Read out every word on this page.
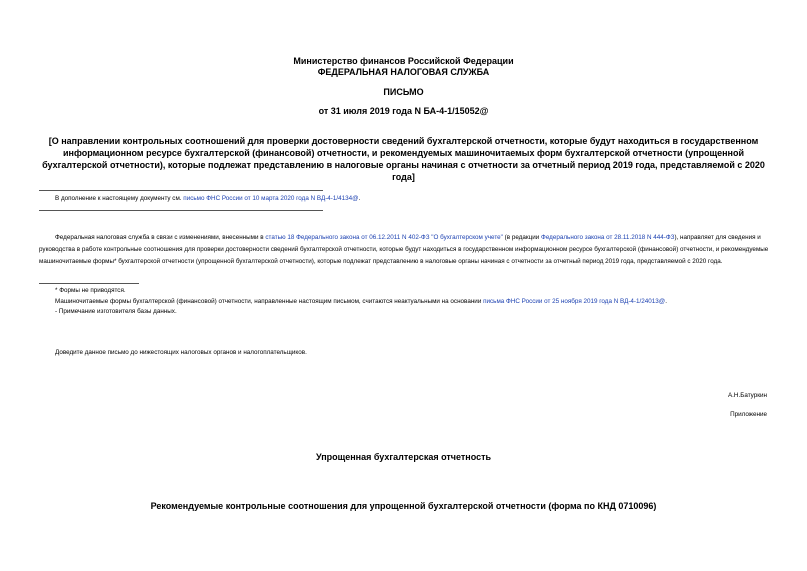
Министерство финансов Российской Федерации
ФЕДЕРАЛЬНАЯ НАЛОГОВАЯ СЛУЖБА
ПИСЬМО
от 31 июля 2019 года N БА-4-1/15052@
[О направлении контрольных соотношений для проверки достоверности сведений бухгалтерской отчетности, которые будут находиться в государственном информационном ресурсе бухгалтерской (финансовой) отчетности, и рекомендуемых машиночитаемых форм бухгалтерской отчетности (упрощенной бухгалтерской отчетности), которые подлежат представлению в налоговые органы начиная с отчетности за отчетный период 2019 года, представляемой с 2020 года]
В дополнение к настоящему документу см. письмо ФНС России от 10 марта 2020 года N ВД-4-1/4134@.
Федеральная налоговая служба в связи с изменениями, внесенными в статью 18 Федерального закона от 06.12.2011 N 402-ФЗ "О бухгалтерском учете" (в редакции Федерального закона от 28.11.2018 N 444-ФЗ), направляет для сведения и руководства в работе контрольные соотношения для проверки достоверности сведений бухгалтерской отчетности, которые будут находиться в государственном информационном ресурсе бухгалтерской (финансовой) отчетности, и рекомендуемые машиночитаемые формы* бухгалтерской отчетности (упрощенной бухгалтерской отчетности), которые подлежат представлению в налоговые органы начиная с отчетности за отчетный период 2019 года, представляемой с 2020 года.
* Формы не приводятся.
Машиночитаемые формы бухгалтерской (финансовой) отчетности, направленные настоящим письмом, считаются неактуальными на основании письма ФНС России от 25 ноября 2019 года N ВД-4-1/24013@.
- Примечание изготовителя базы данных.
Доведите данное письмо до нижестоящих налоговых органов и налогоплательщиков.
А.Н.Батуркин
Приложение
Упрощенная бухгалтерская отчетность
Рекомендуемые контрольные соотношения для упрощенной бухгалтерской отчетности (форма по КНД 0710096)
